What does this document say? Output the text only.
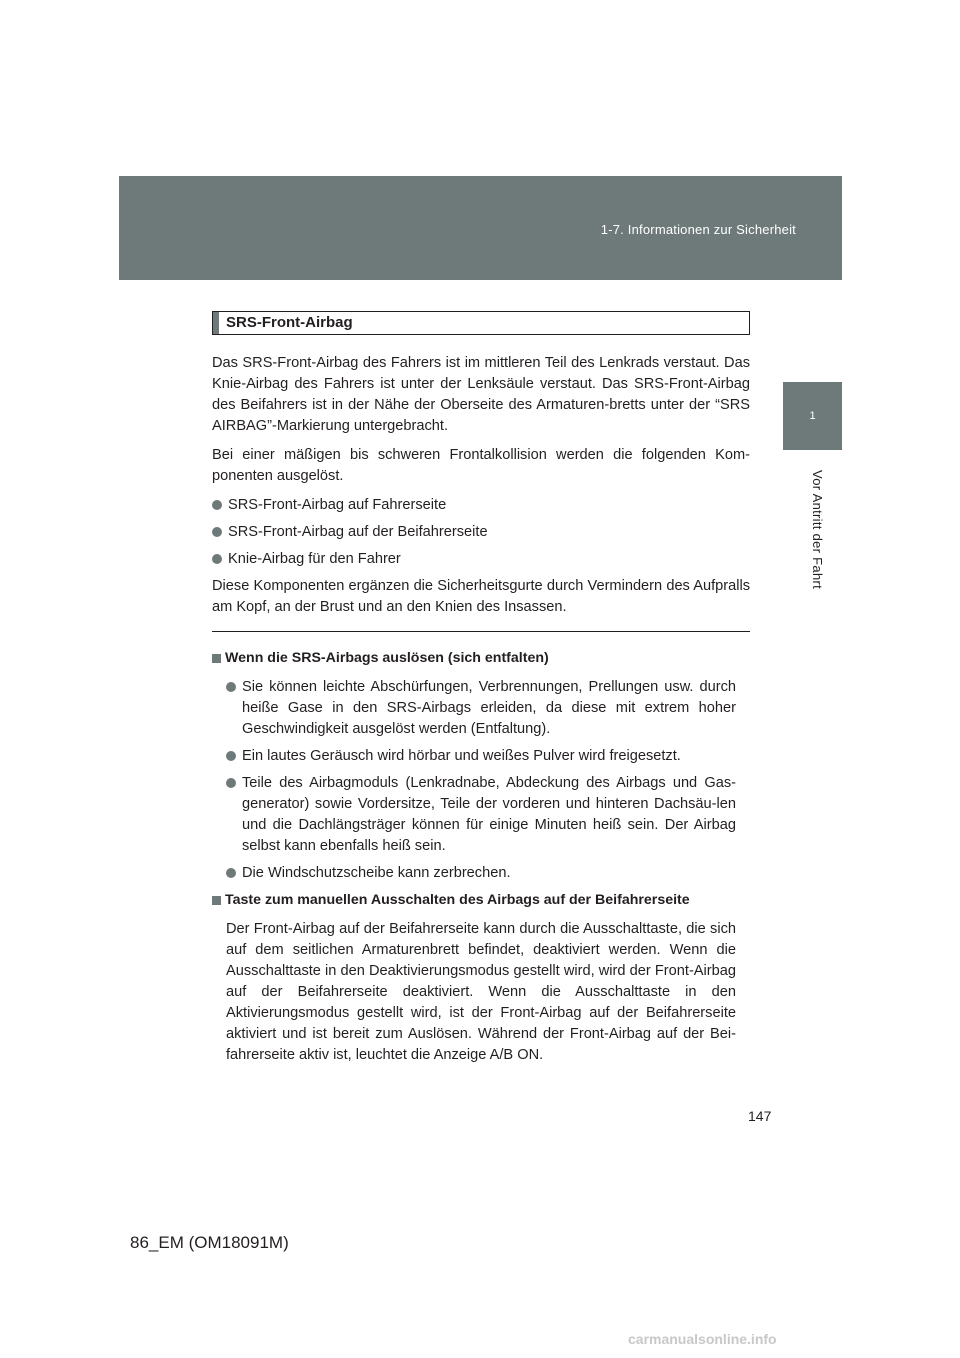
1-7. Informationen zur Sicherheit
1
Vor Antritt der Fahrt
SRS-Front-Airbag

Das SRS-Front-Airbag des Fahrers ist im mittleren Teil des Lenkrads verstaut. Das Knie-Airbag des Fahrers ist unter der Lenksäule verstaut. Das SRS-Front-Airbag des Beifahrers ist in der Nähe der Oberseite des Armaturen-bretts unter der “SRS AIRBAG”-Markierung untergebracht.

Bei einer mäßigen bis schweren Frontalkollision werden die folgenden Kom-ponenten ausgelöst.

SRS-Front-Airbag auf Fahrerseite
SRS-Front-Airbag auf der Beifahrerseite
Knie-Airbag für den Fahrer

Diese Komponenten ergänzen die Sicherheitsgurte durch Vermindern des Aufpralls am Kopf, an der Brust und an den Knien des Insassen.

Wenn die SRS-Airbags auslösen (sich entfalten)
Sie können leichte Abschürfungen, Verbrennungen, Prellungen usw. durch heiße Gase in den SRS-Airbags erleiden, da diese mit extrem hoher Geschwindigkeit ausgelöst werden (Entfaltung).
Ein lautes Geräusch wird hörbar und weißes Pulver wird freigesetzt.
Teile des Airbagmoduls (Lenkradnabe, Abdeckung des Airbags und Gas-generator) sowie Vordersitze, Teile der vorderen und hinteren Dachsäu-len und die Dachlängsträger können für einige Minuten heiß sein. Der Airbag selbst kann ebenfalls heiß sein.
Die Windschutzscheibe kann zerbrechen.
Taste zum manuellen Ausschalten des Airbags auf der Beifahrerseite

Der Front-Airbag auf der Beifahrerseite kann durch die Ausschalttaste, die sich auf dem seitlichen Armaturenbrett befindet, deaktiviert werden. Wenn die Ausschalttaste in den Deaktivierungsmodus gestellt wird, wird der Front-Airbag auf der Beifahrerseite deaktiviert. Wenn die Ausschalttaste in den Aktivierungsmodus gestellt wird, ist der Front-Airbag auf der Beifahrerseite aktiviert und ist bereit zum Auslösen. Während der Front-Airbag auf der Bei-fahrerseite aktiv ist, leuchtet die Anzeige A/B ON.

147
86_EM (OM18091M)
carmanualsonline.info
